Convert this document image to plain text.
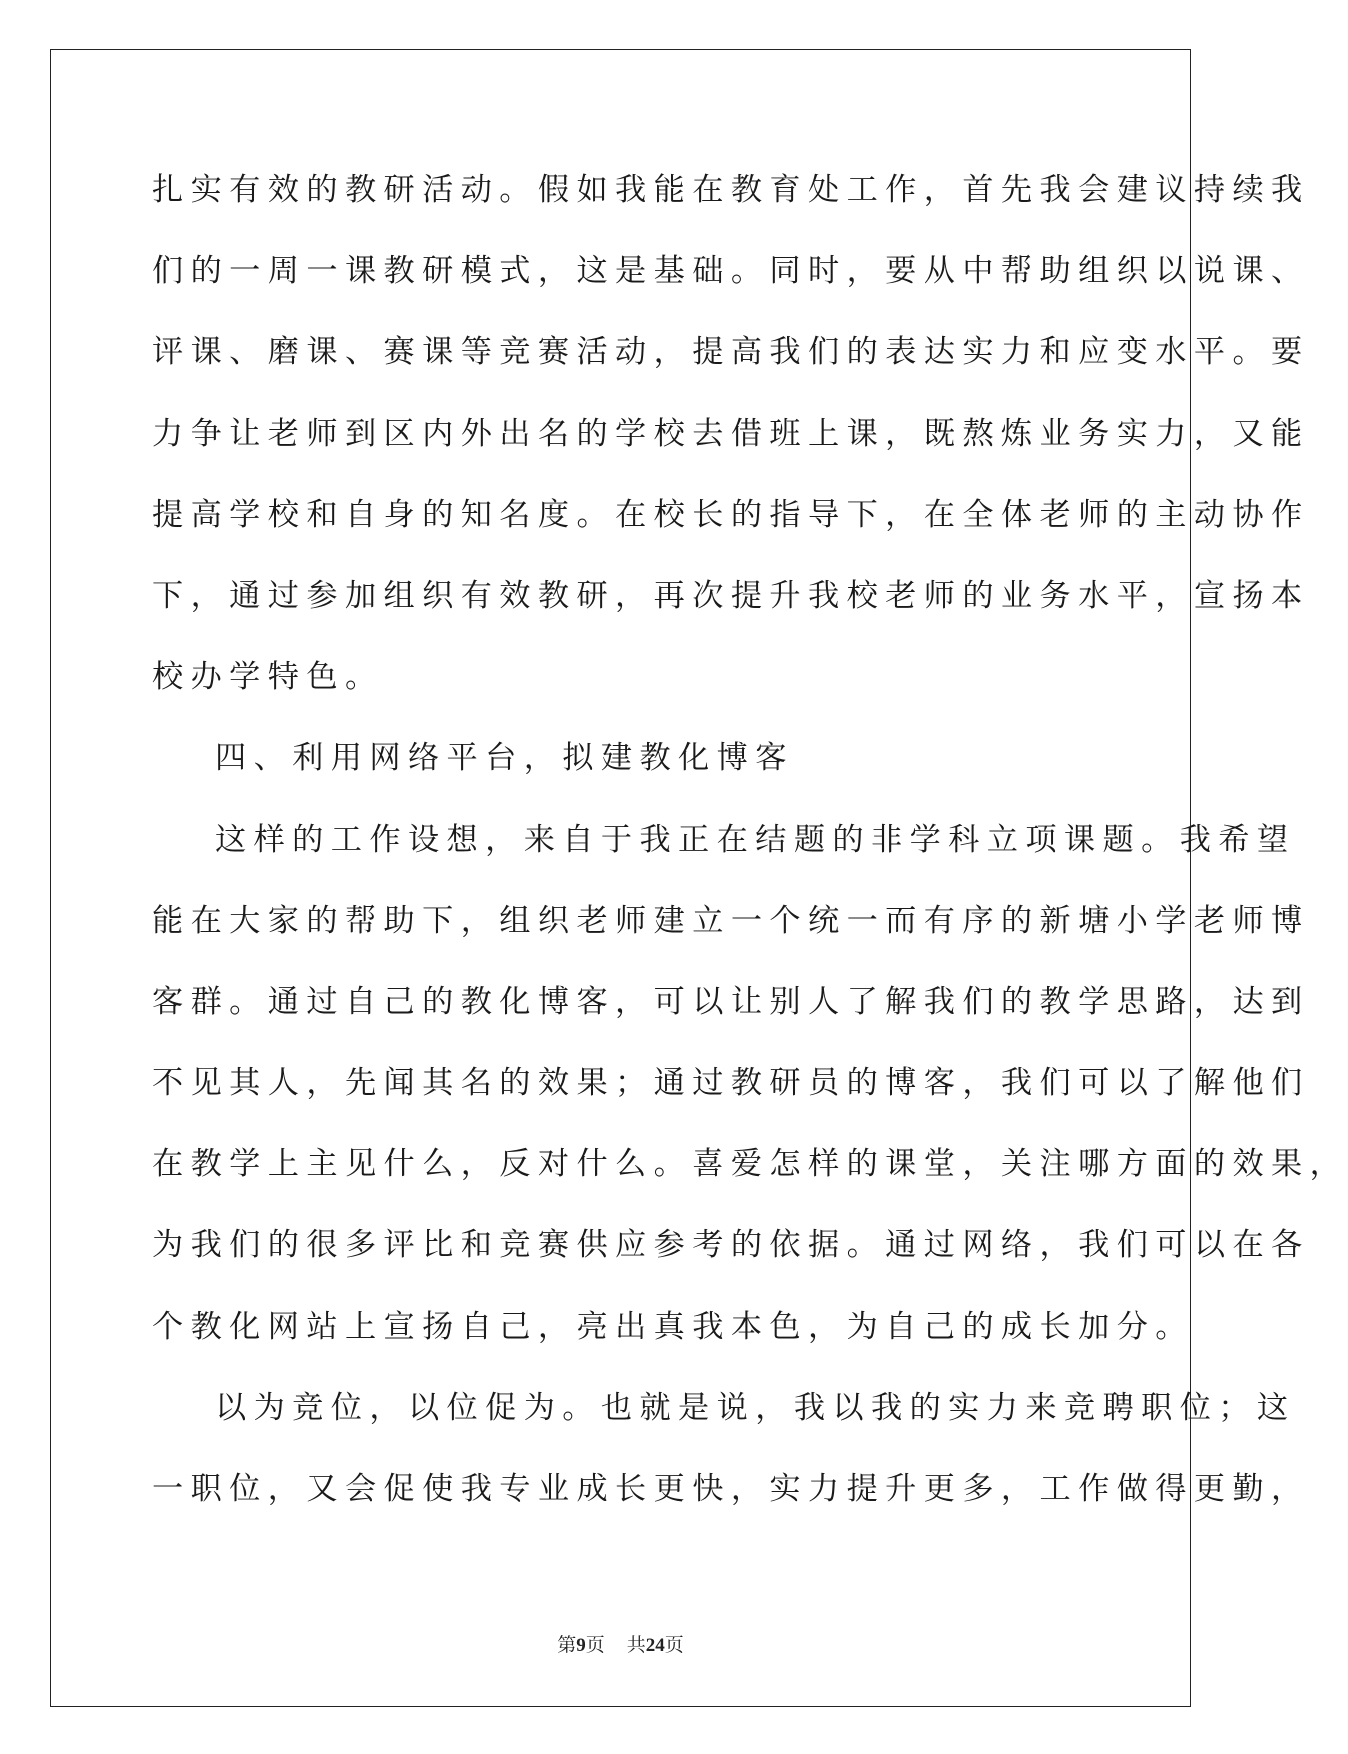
扎实有效的教研活动。假如我能在教育处工作，首先我会建议持续我
们的一周一课教研模式，这是基础。同时，要从中帮助组织以说课、
评课、磨课、赛课等竞赛活动，提高我们的表达实力和应变水平。要
力争让老师到区内外出名的学校去借班上课，既熬炼业务实力，又能
提高学校和自身的知名度。在校长的指导下，在全体老师的主动协作
下，通过参加组织有效教研，再次提升我校老师的业务水平，宣扬本
校办学特色。
四、利用网络平台，拟建教化博客
这样的工作设想，来自于我正在结题的非学科立项课题。我希望
能在大家的帮助下，组织老师建立一个统一而有序的新塘小学老师博
客群。通过自己的教化博客，可以让别人了解我们的教学思路，达到
不见其人，先闻其名的效果；通过教研员的博客，我们可以了解他们
在教学上主见什么，反对什么。喜爱怎样的课堂，关注哪方面的效果，
为我们的很多评比和竞赛供应参考的依据。通过网络，我们可以在各
个教化网站上宣扬自己，亮出真我本色，为自己的成长加分。
以为竞位，以位促为。也就是说，我以我的实力来竞聘职位；这
一职位，又会促使我专业成长更快，实力提升更多，工作做得更勤，
第9页 共24页
